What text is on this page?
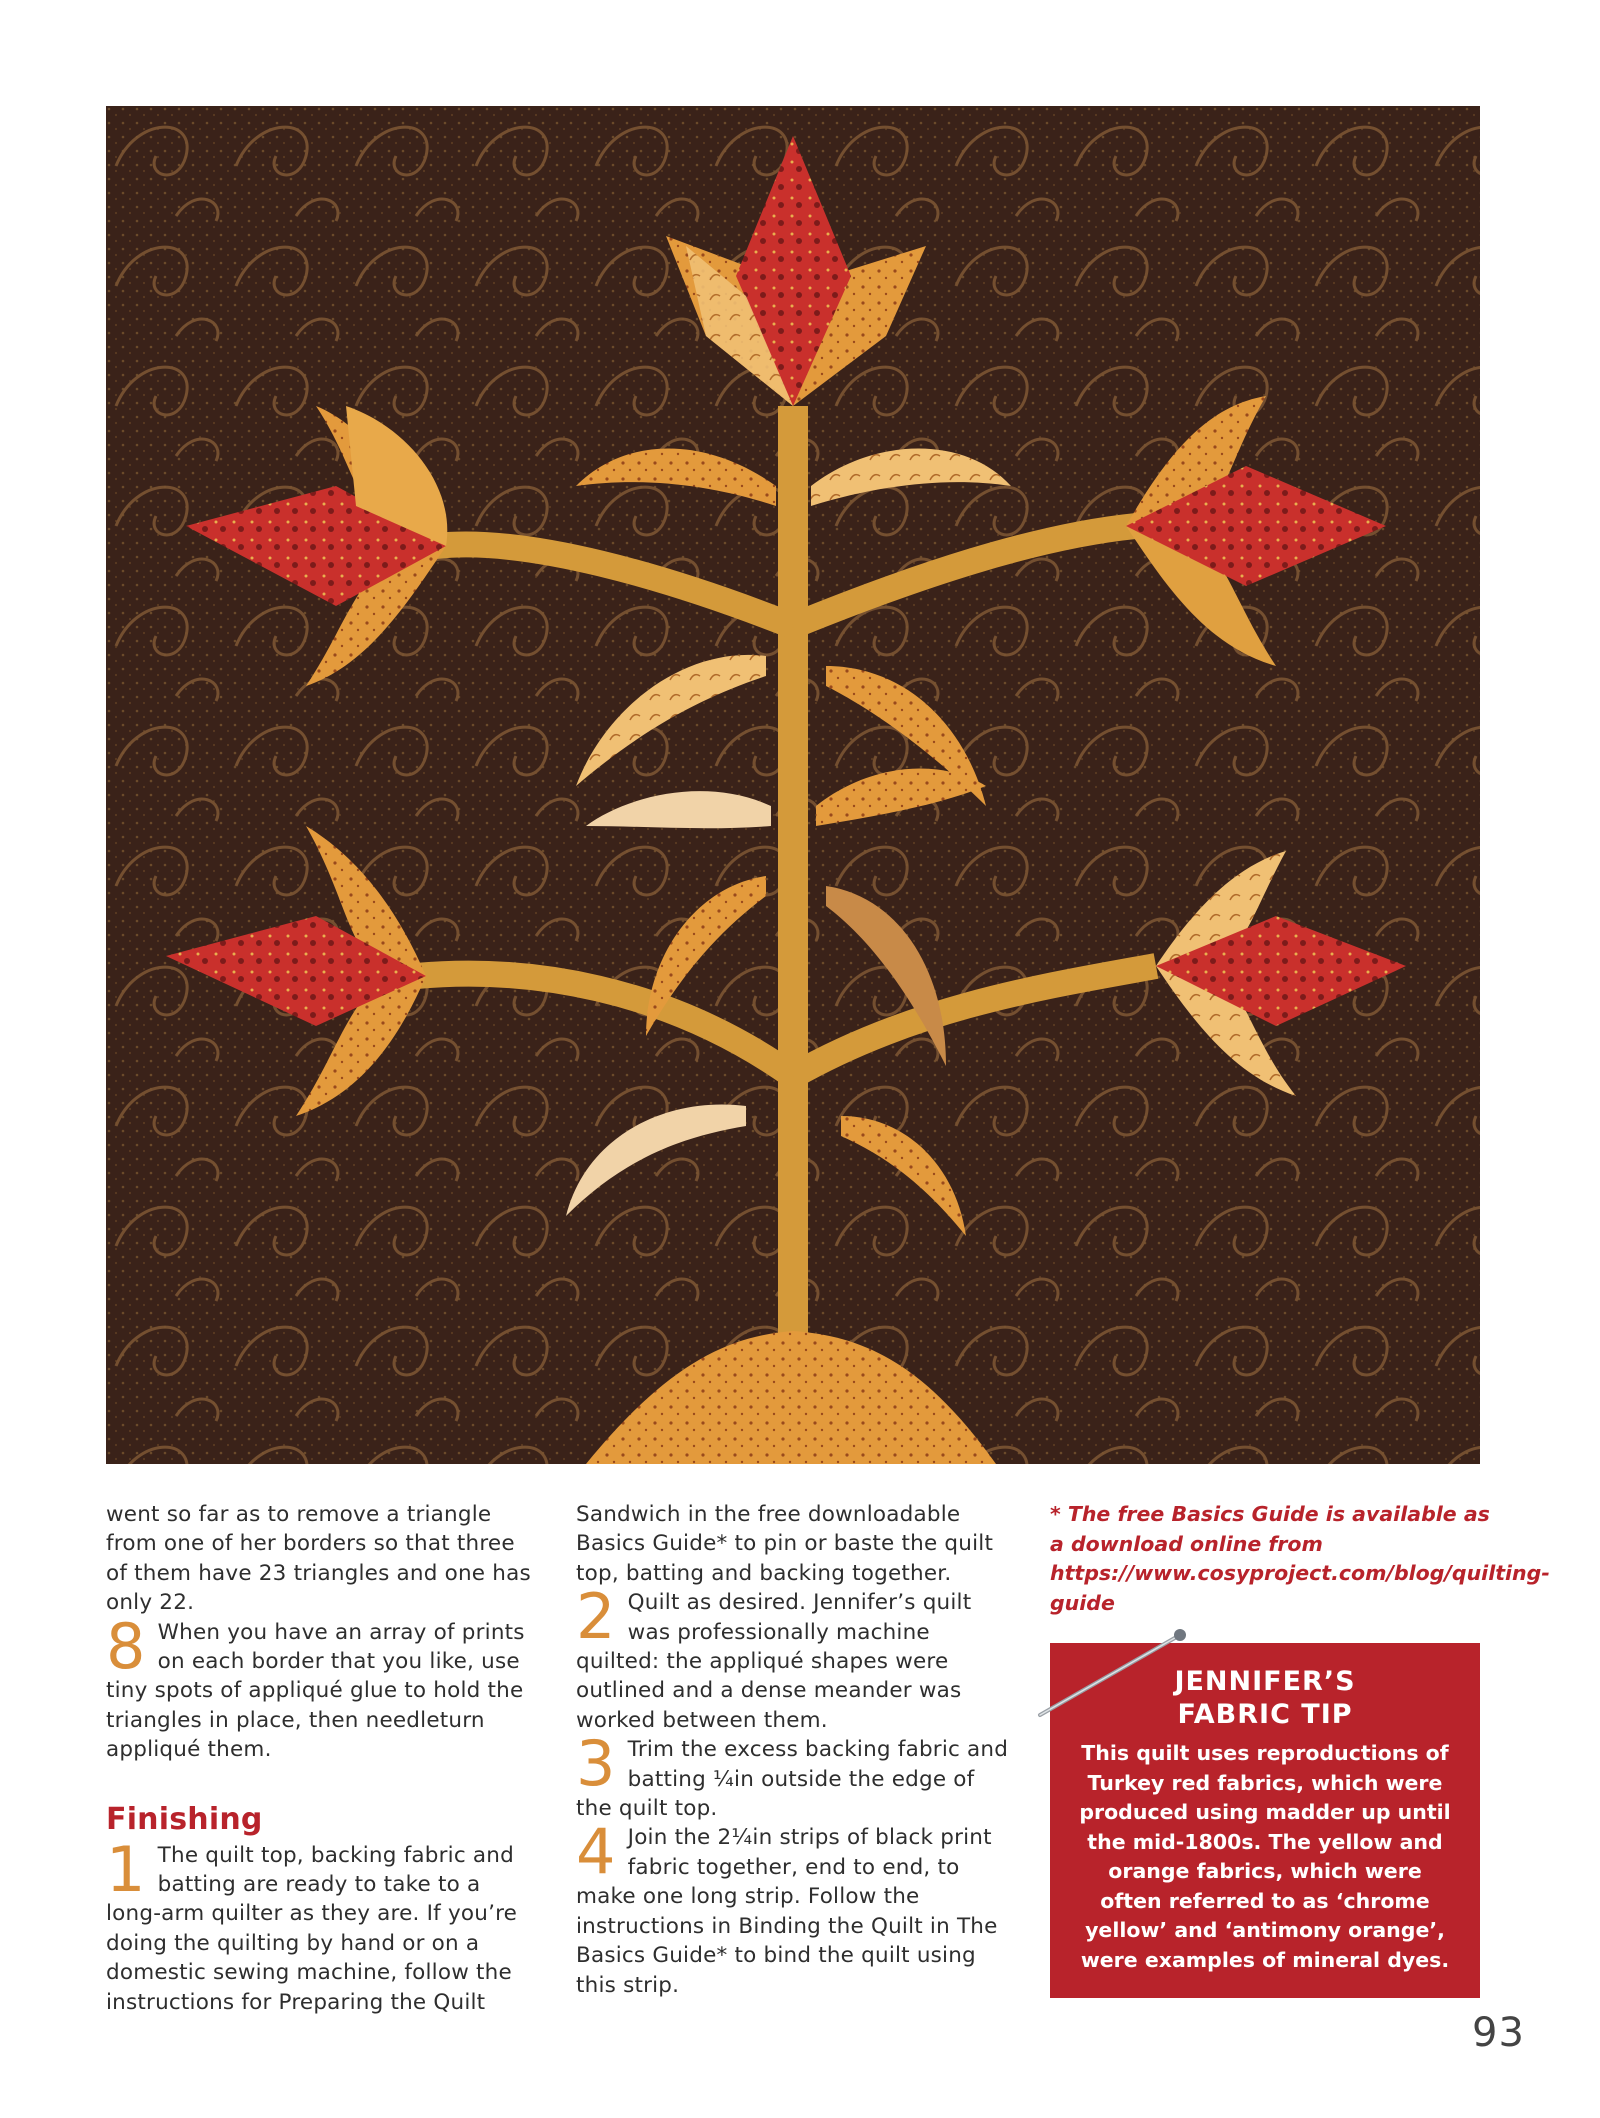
went so far as to remove a triangle from one of her borders so that three of them have 23 triangles and one has only 22.

8 When you have an array of prints on each border that you like, use tiny spots of appliqué glue to hold the triangles in place, then needleturn appliqué them.
Finishing
1 The quilt top, backing fabric and batting are ready to take to a long-arm quilter as they are. If you’re doing the quilting by hand or on a domestic sewing machine, follow the instructions for Preparing the Quilt

Sandwich in the free downloadable Basics Guide* to pin or baste the quilt top, batting and backing together.

2 Quilt as desired. Jennifer’s quilt was professionally machine quilted: the appliqué shapes were outlined and a dense meander was worked between them.
3 Trim the excess backing fabric and batting ¼in outside the edge of the quilt top.
4 Join the 2¼in strips of black print fabric together, end to end, to make one long strip. Follow the instructions in Binding the Quilt in The Basics Guide* to bind the quilt using this strip.
* The free Basics Guide is available as a download online from https://www.cosyproject.com/blog/quilting-guide
JENNIFER’S
FABRIC TIP
This quilt uses reproductions of Turkey red fabrics, which were produced using madder up until the mid-1800s. The yellow and orange fabrics, which were often referred to as ‘chrome yellow’ and ‘antimony orange’, were examples of mineral dyes.
93
